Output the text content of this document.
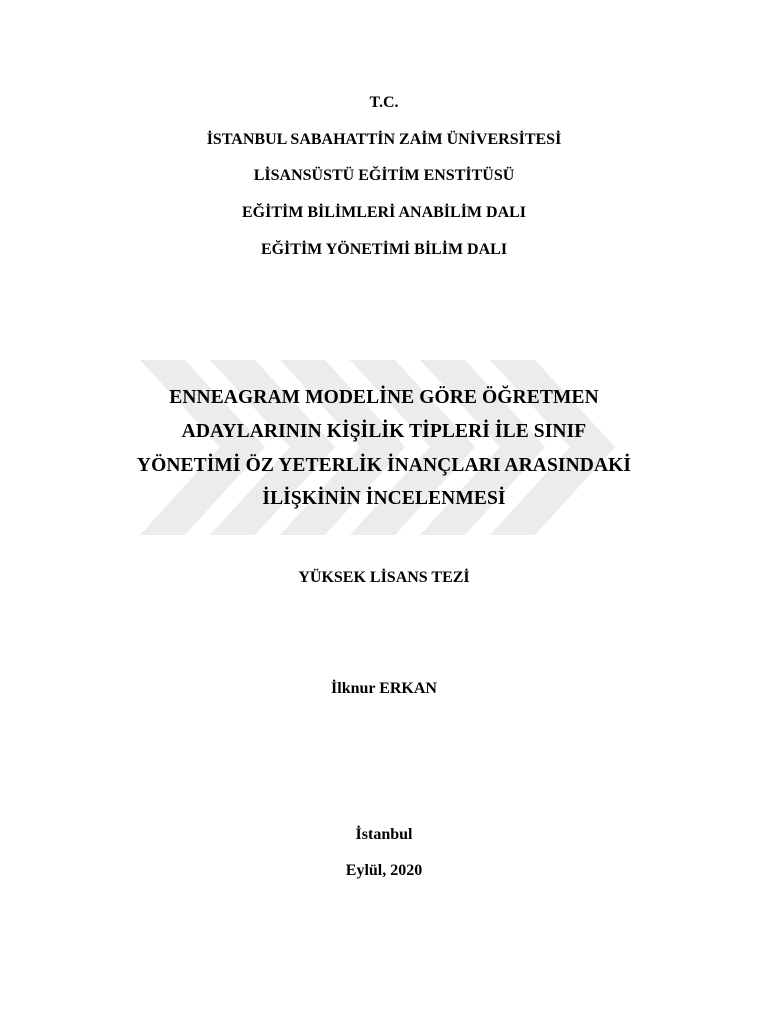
T.C.
İSTANBUL SABAHATTİN ZAİM ÜNİVERSİTESİ
LİSANSÜSTÜ EĞİTİM ENSTİTÜSÜ
EĞİTİM BİLİMLERİ ANABİLİM DALI
EĞİTİM YÖNETİMİ BİLİM DALI
ENNEAGRAM MODELİNE GÖRE ÖĞRETMEN
ADAYLARININ KİŞİLİK TİPLERİ İLE SINIF
YÖNETİMİ ÖZ YETERLİK İNANÇLARI ARASINDAKİ
İLİŞKİNİN İNCELENMESİ
YÜKSEK LİSANS TEZİ
İlknur ERKAN
İstanbul
Eylül, 2020
